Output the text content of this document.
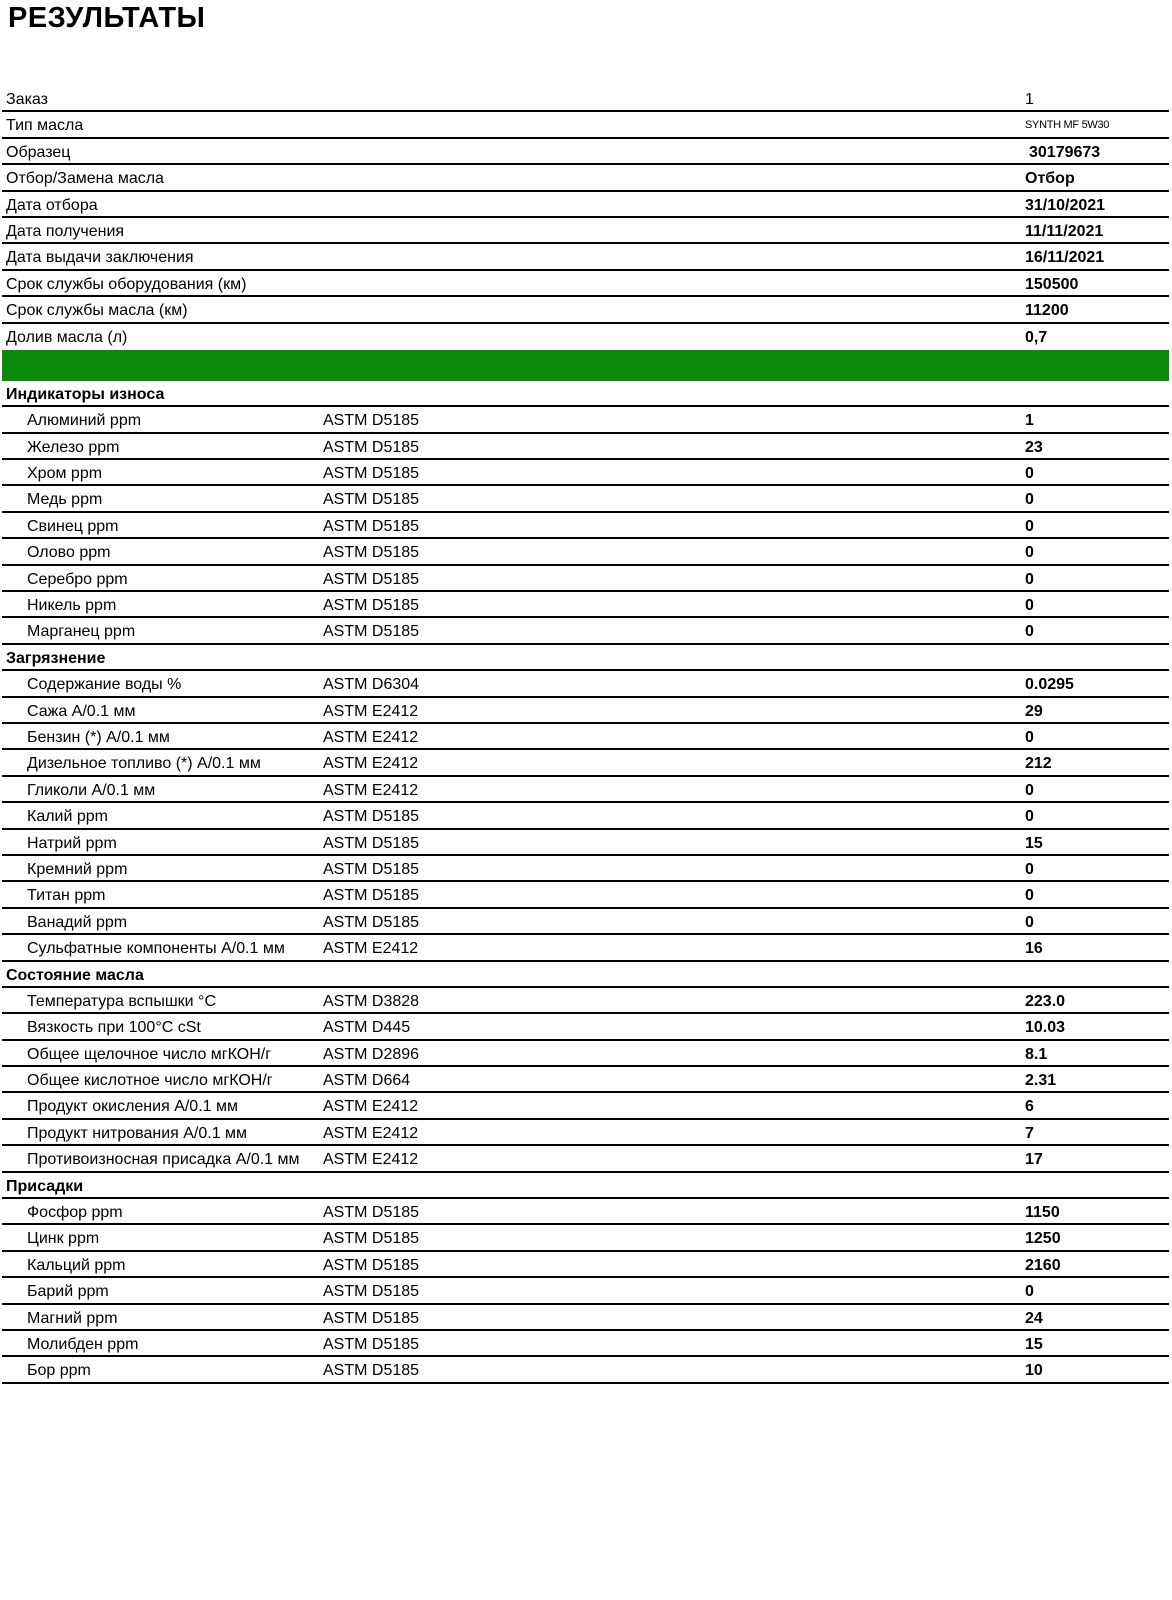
РЕЗУЛЬТАТЫ
Заказ	1
Тип масла	SYNTH MF 5W30
Образец	30179673
Отбор/Замена масла	Отбор
Дата отбора	31/10/2021
Дата получения	11/11/2021
Дата выдачи заключения	16/11/2021
Срок службы оборудования (км)	150500
Срок службы масла (км)	11200
Долив масла (л)	0,7
Индикаторы износа
Алюминий ppm	ASTM D5185	1
Железо ppm	ASTM D5185	23
Хром ppm	ASTM D5185	0
Медь ppm	ASTM D5185	0
Свинец ppm	ASTM D5185	0
Олово ppm	ASTM D5185	0
Серебро ppm	ASTM D5185	0
Никель ppm	ASTM D5185	0
Марганец ppm	ASTM D5185	0
Загрязнение
Содержание воды %	ASTM D6304	0.0295
Сажа A/0.1 мм	ASTM E2412	29
Бензин (*) A/0.1 мм	ASTM E2412	0
Дизельное топливо (*) A/0.1 мм	ASTM E2412	212
Гликоли A/0.1 мм	ASTM E2412	0
Калий ppm	ASTM D5185	0
Натрий ppm	ASTM D5185	15
Кремний ppm	ASTM D5185	0
Титан ppm	ASTM D5185	0
Ванадий ppm	ASTM D5185	0
Сульфатные компоненты A/0.1 мм ASTM E2412	16
Состояние масла
Температура вспышки °C	ASTM D3828	223.0
Вязкость при 100°C cSt	ASTM D445	10.03
Общее щелочное число мгКОН/г	ASTM D2896	8.1
Общее кислотное число мгКОН/г	ASTM D664	2.31
Продукт окисления A/0.1 мм	ASTM E2412	6
Продукт нитрования A/0.1 мм	ASTM E2412	7
Противоизносная присадка A/0.1 мм ASTM E2412	17
Присадки
Фосфор ppm	ASTM D5185	1150
Цинк ppm	ASTM D5185	1250
Кальций ppm	ASTM D5185	2160
Барий ppm	ASTM D5185	0
Магний ppm	ASTM D5185	24
Молибден ppm	ASTM D5185	15
Бор ppm	ASTM D5185	10
